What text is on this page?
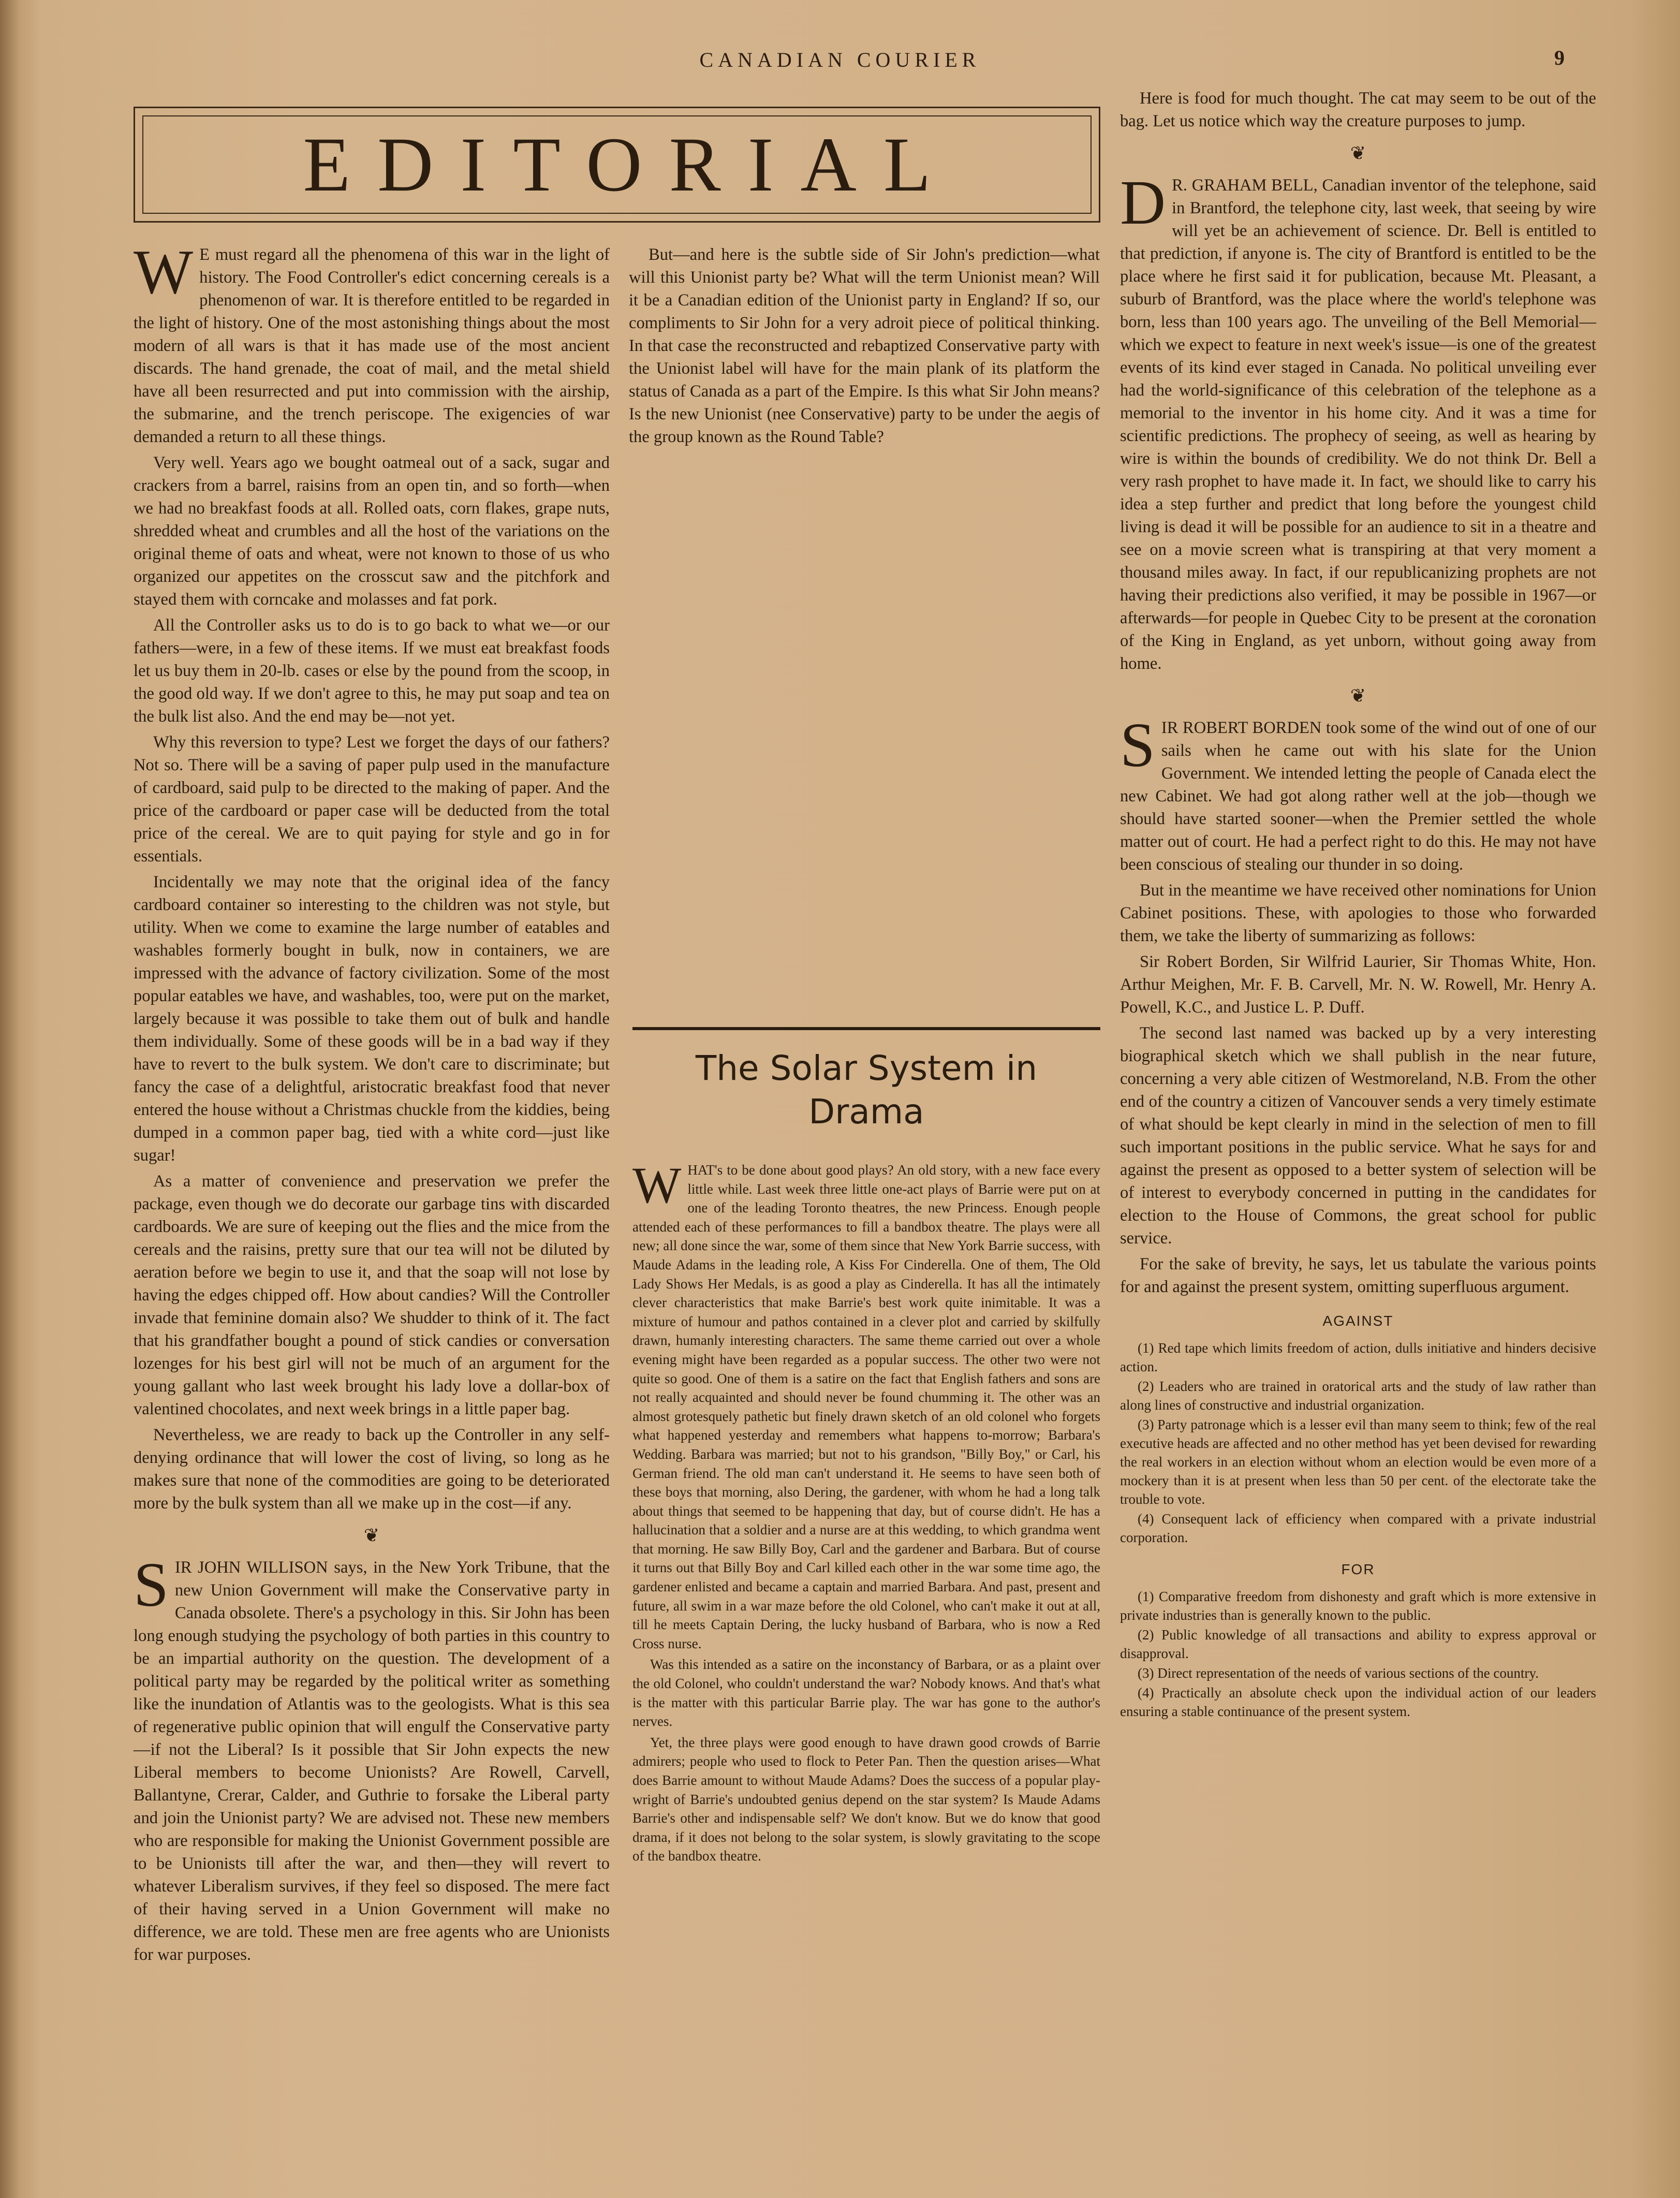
CANADIAN COURIER	9
EDITORIAL

W E must regard all the phenomena of this war in the light of history. The Food Controller's edict concerning cereals is a phenomenon of war. It is therefore entitled to be regarded in the light of history. One of the most astonishing things about the most modern of all wars is that it has made use of the most ancient discards. The hand grenade, the coat of mail, and the metal shield have all been resurrected and put into commission with the airship, the submarine, and the trench periscope. The exigencies of war demanded a return to all these things.

Very well. Years ago we bought oatmeal out of a sack, sugar and crackers from a barrel, raisins from an open tin, and so forth—when we had no breakfast foods at all. Rolled oats, corn flakes, grape nuts, shredded wheat and crumbles and all the host of the variations on the original theme of oats and wheat, were not known to those of us who organized our appetites on the crosscut saw and the pitchfork and stayed them with corncake and molasses and fat pork.

All the Controller asks us to do is to go back to what we—or our fathers—were, in a few of these items. If we must eat breakfast foods let us buy them in 20-lb. cases or else by the pound from the scoop, in the good old way. If we don't agree to this, he may put soap and tea on the bulk list also. And the end may be—not yet.

Why this reversion to type? Lest we forget the days of our fathers? Not so. There will be a saving of paper pulp used in the manufacture of cardboard, said pulp to be directed to the making of paper. And the price of the cardboard or paper case will be deducted from the total price of the cereal. We are to quit paying for style and go in for essentials.

Incidentally we may note that the original idea of the fancy cardboard container so interesting to the children was not style, but utility. When we come to examine the large number of eatables and washables formerly bought in bulk, now in containers, we are impressed with the advance of factory civilization. Some of the most popular eatables we have, and washables, too, were put on the market, largely because it was possible to take them out of bulk and handle them individually. Some of these goods will be in a bad way if they have to revert to the bulk system. We don't care to discriminate; but fancy the case of a delightful, aristocratic breakfast food that never entered the house without a Christmas chuckle from the kiddies, being dumped in a common paper bag, tied with a white cord—just like sugar!

As a matter of convenience and preservation we prefer the package, even though we do decorate our garbage tins with discarded cardboards. We are sure of keeping out the flies and the mice from the cereals and the raisins, pretty sure that our tea will not be diluted by aeration before we begin to use it, and that the soap will not lose by having the edges chipped off. How about candies? Will the Controller invade that feminine domain also? We shudder to think of it. The fact that his grandfather bought a pound of stick candies or conversation lozenges for his best girl will not be much of an argument for the young gallant who last week brought his lady love a dollar-box of valentined chocolates, and next week brings in a little paper bag.

Nevertheless, we are ready to back up the Controller in any self-denying ordinance that will lower the cost of living, so long as he makes sure that none of the commodities are going to be deteriorated more by the bulk system than all we make up in the cost—if any.

❦

SIR JOHN WILLISON says, in the New York Tribune, that the new Union Government will make the Conservative party in Canada obsolete. There's a psychology in this. Sir John has been long enough studying the psychology of both parties in this country to be an impartial authority on the question. The development of a political party may be regarded by the political writer as something like the inundation of Atlantis was to the geologists. What is this sea of regenerative public opinion that will engulf the Conservative party—if not the Liberal? Is it possible that Sir John expects the new Liberal members to become Unionists? Are Rowell, Carvell, Ballantyne, Crerar, Calder, and Guthrie to forsake the Liberal party and join the Unionist party? We are advised not. These new members who are responsible for making the Unionist Government possible are to be Unionists till after the war, and then—they will revert to whatever Liberalism survives, if they feel so disposed. The mere fact of their having served in a Union Government will make no difference, we are told. These men are free agents who are Unionists for war purposes.

But—and here is the subtle side of Sir John's prediction—what will this Unionist party be? What will the term Unionist mean? Will it be a Canadian edition of the Unionist party in England? If so, our compliments to Sir John for a very adroit piece of political thinking. In that case the reconstructed and rebaptized Conservative party with the Unionist label will have for the main plank of its platform the status of Canada as a part of the Empire. Is this what Sir John means? Is the new Unionist (nee Conservative) party to be under the aegis of the group known as the Round Table?

The Solar System in Drama

WHAT's to be done about good plays? An old story, with a new face every little while. Last week three little one-act plays of Barrie were put on at one of the leading Toronto theatres, the new Princess. Enough people attended each of these performances to fill a bandbox theatre. The plays were all new; all done since the war, some of them since that New York Barrie success, with Maude Adams in the leading role, A Kiss For Cinderella. One of them, The Old Lady Shows Her Medals, is as good a play as Cinderella. It has all the intimately clever characteristics that make Barrie's best work quite inimitable. It was a mixture of humour and pathos contained in a clever plot and carried by skilfully drawn, humanly interesting characters. The same theme carried out over a whole evening might have been regarded as a popular success. The other two were not quite so good. One of them is a satire on the fact that English fathers and sons are not really acquainted and should never be found chumming it. The other was an almost grotesquely pathetic but finely drawn sketch of an old colonel who forgets what happened yesterday and remembers what happens to-morrow; Barbara's Wedding. Barbara was married; but not to his grandson, "Billy Boy," or Carl, his German friend. The old man can't understand it. He seems to have seen both of these boys that morning, also Dering, the gardener, with whom he had a long talk about things that seemed to be happening that day, but of course didn't. He has a hallucination that a soldier and a nurse are at this wedding, to which grandma went that morning. He saw Billy Boy, Carl and the gardener and Barbara. But of course it turns out that Billy Boy and Carl killed each other in the war some time ago, the gardener enlisted and became a captain and married Barbara. And past, present and future, all swim in a war maze before the old Colonel, who can't make it out at all, till he meets Captain Dering, the lucky husband of Barbara, who is now a Red Cross nurse.

Was this intended as a satire on the inconstancy of Barbara, or as a plaint over the old Colonel, who couldn't understand the war? Nobody knows. And that's what is the matter with this particular Barrie play. The war has gone to the author's nerves.

Yet, the three plays were good enough to have drawn good crowds of Barrie admirers; people who used to flock to Peter Pan. Then the question arises—What does Barrie amount to without Maude Adams? Does the success of a popular play-wright of Barrie's undoubted genius depend on the star system? Is Maude Adams Barrie's other and indispensable self? We don't know. But we do know that good drama, if it does not belong to the solar system, is slowly gravitating to the scope of the bandbox theatre.

Here is food for much thought. The cat may seem to be out of the bag. Let us notice which way the creature purposes to jump.

❦

D R. GRAHAM BELL, Canadian inventor of the telephone, said in Brantford, the telephone city, last week, that seeing by wire will yet be an achievement of science. Dr. Bell is entitled to that prediction, if anyone is. The city of Brantford is entitled to be the place where he first said it for publication, because Mt. Pleasant, a suburb of Brantford, was the place where the world's telephone was born, less than 100 years ago. The unveiling of the Bell Memorial—which we expect to feature in next week's issue—is one of the greatest events of its kind ever staged in Canada. No political unveiling ever had the world-significance of this celebration of the telephone as a memorial to the inventor in his home city. And it was a time for scientific predictions. The prophecy of seeing, as well as hearing by wire is within the bounds of credibility. We do not think Dr. Bell a very rash prophet to have made it. In fact, we should like to carry his idea a step further and predict that long before the youngest child living is dead it will be possible for an audience to sit in a theatre and see on a movie screen what is transpiring at that very moment a thousand miles away. In fact, if our republicanizing prophets are not having their predictions also verified, it may be possible in 1967—or afterwards—for people in Quebec City to be present at the coronation of the King in England, as yet unborn, without going away from home.

❦

SIR ROBERT BORDEN took some of the wind out of one of our sails when he came out with his slate for the Union Government. We intended letting the people of Canada elect the new Cabinet. We had got along rather well at the job—though we should have started sooner—when the Premier settled the whole matter out of court. He had a perfect right to do this. He may not have been conscious of stealing our thunder in so doing.

But in the meantime we have received other nominations for Union Cabinet positions. These, with apologies to those who forwarded them, we take the liberty of summarizing as follows:

Sir Robert Borden, Sir Wilfrid Laurier, Sir Thomas White, Hon. Arthur Meighen, Mr. F. B. Carvell, Mr. N. W. Rowell, Mr. Henry A. Powell, K.C., and Justice L. P. Duff.

The second last named was backed up by a very interesting biographical sketch which we shall publish in the near future, concerning a very able citizen of Westmoreland, N.B. From the other end of the country a citizen of Vancouver sends a very timely estimate of what should be kept clearly in mind in the selection of men to fill such important positions in the public service. What he says for and against the present as opposed to a better system of selection will be of interest to everybody concerned in putting in the candidates for election to the House of Commons, the great school for public service.

For the sake of brevity, he says, let us tabulate the various points for and against the present system, omitting superfluous argument.

AGAINST

(1) Red tape which limits freedom of action, dulls initiative and hinders decisive action.

(2) Leaders who are trained in oratorical arts and the study of law rather than along lines of constructive and industrial organization.

(3) Party patronage which is a lesser evil than many seem to think; few of the real executive heads are affected and no other method has yet been devised for rewarding the real workers in an election without whom an election would be even more of a mockery than it is at present when less than 50 per cent. of the electorate take the trouble to vote.

(4) Consequent lack of efficiency when compared with a private industrial corporation.

FOR

(1) Comparative freedom from dishonesty and graft which is more extensive in private industries than is generally known to the public.

(2) Public knowledge of all transactions and ability to express approval or disapproval.

(3) Direct representation of the needs of various sections of the country.

(4) Practically an absolute check upon the individual action of our leaders ensuring a stable continuance of the present system.
